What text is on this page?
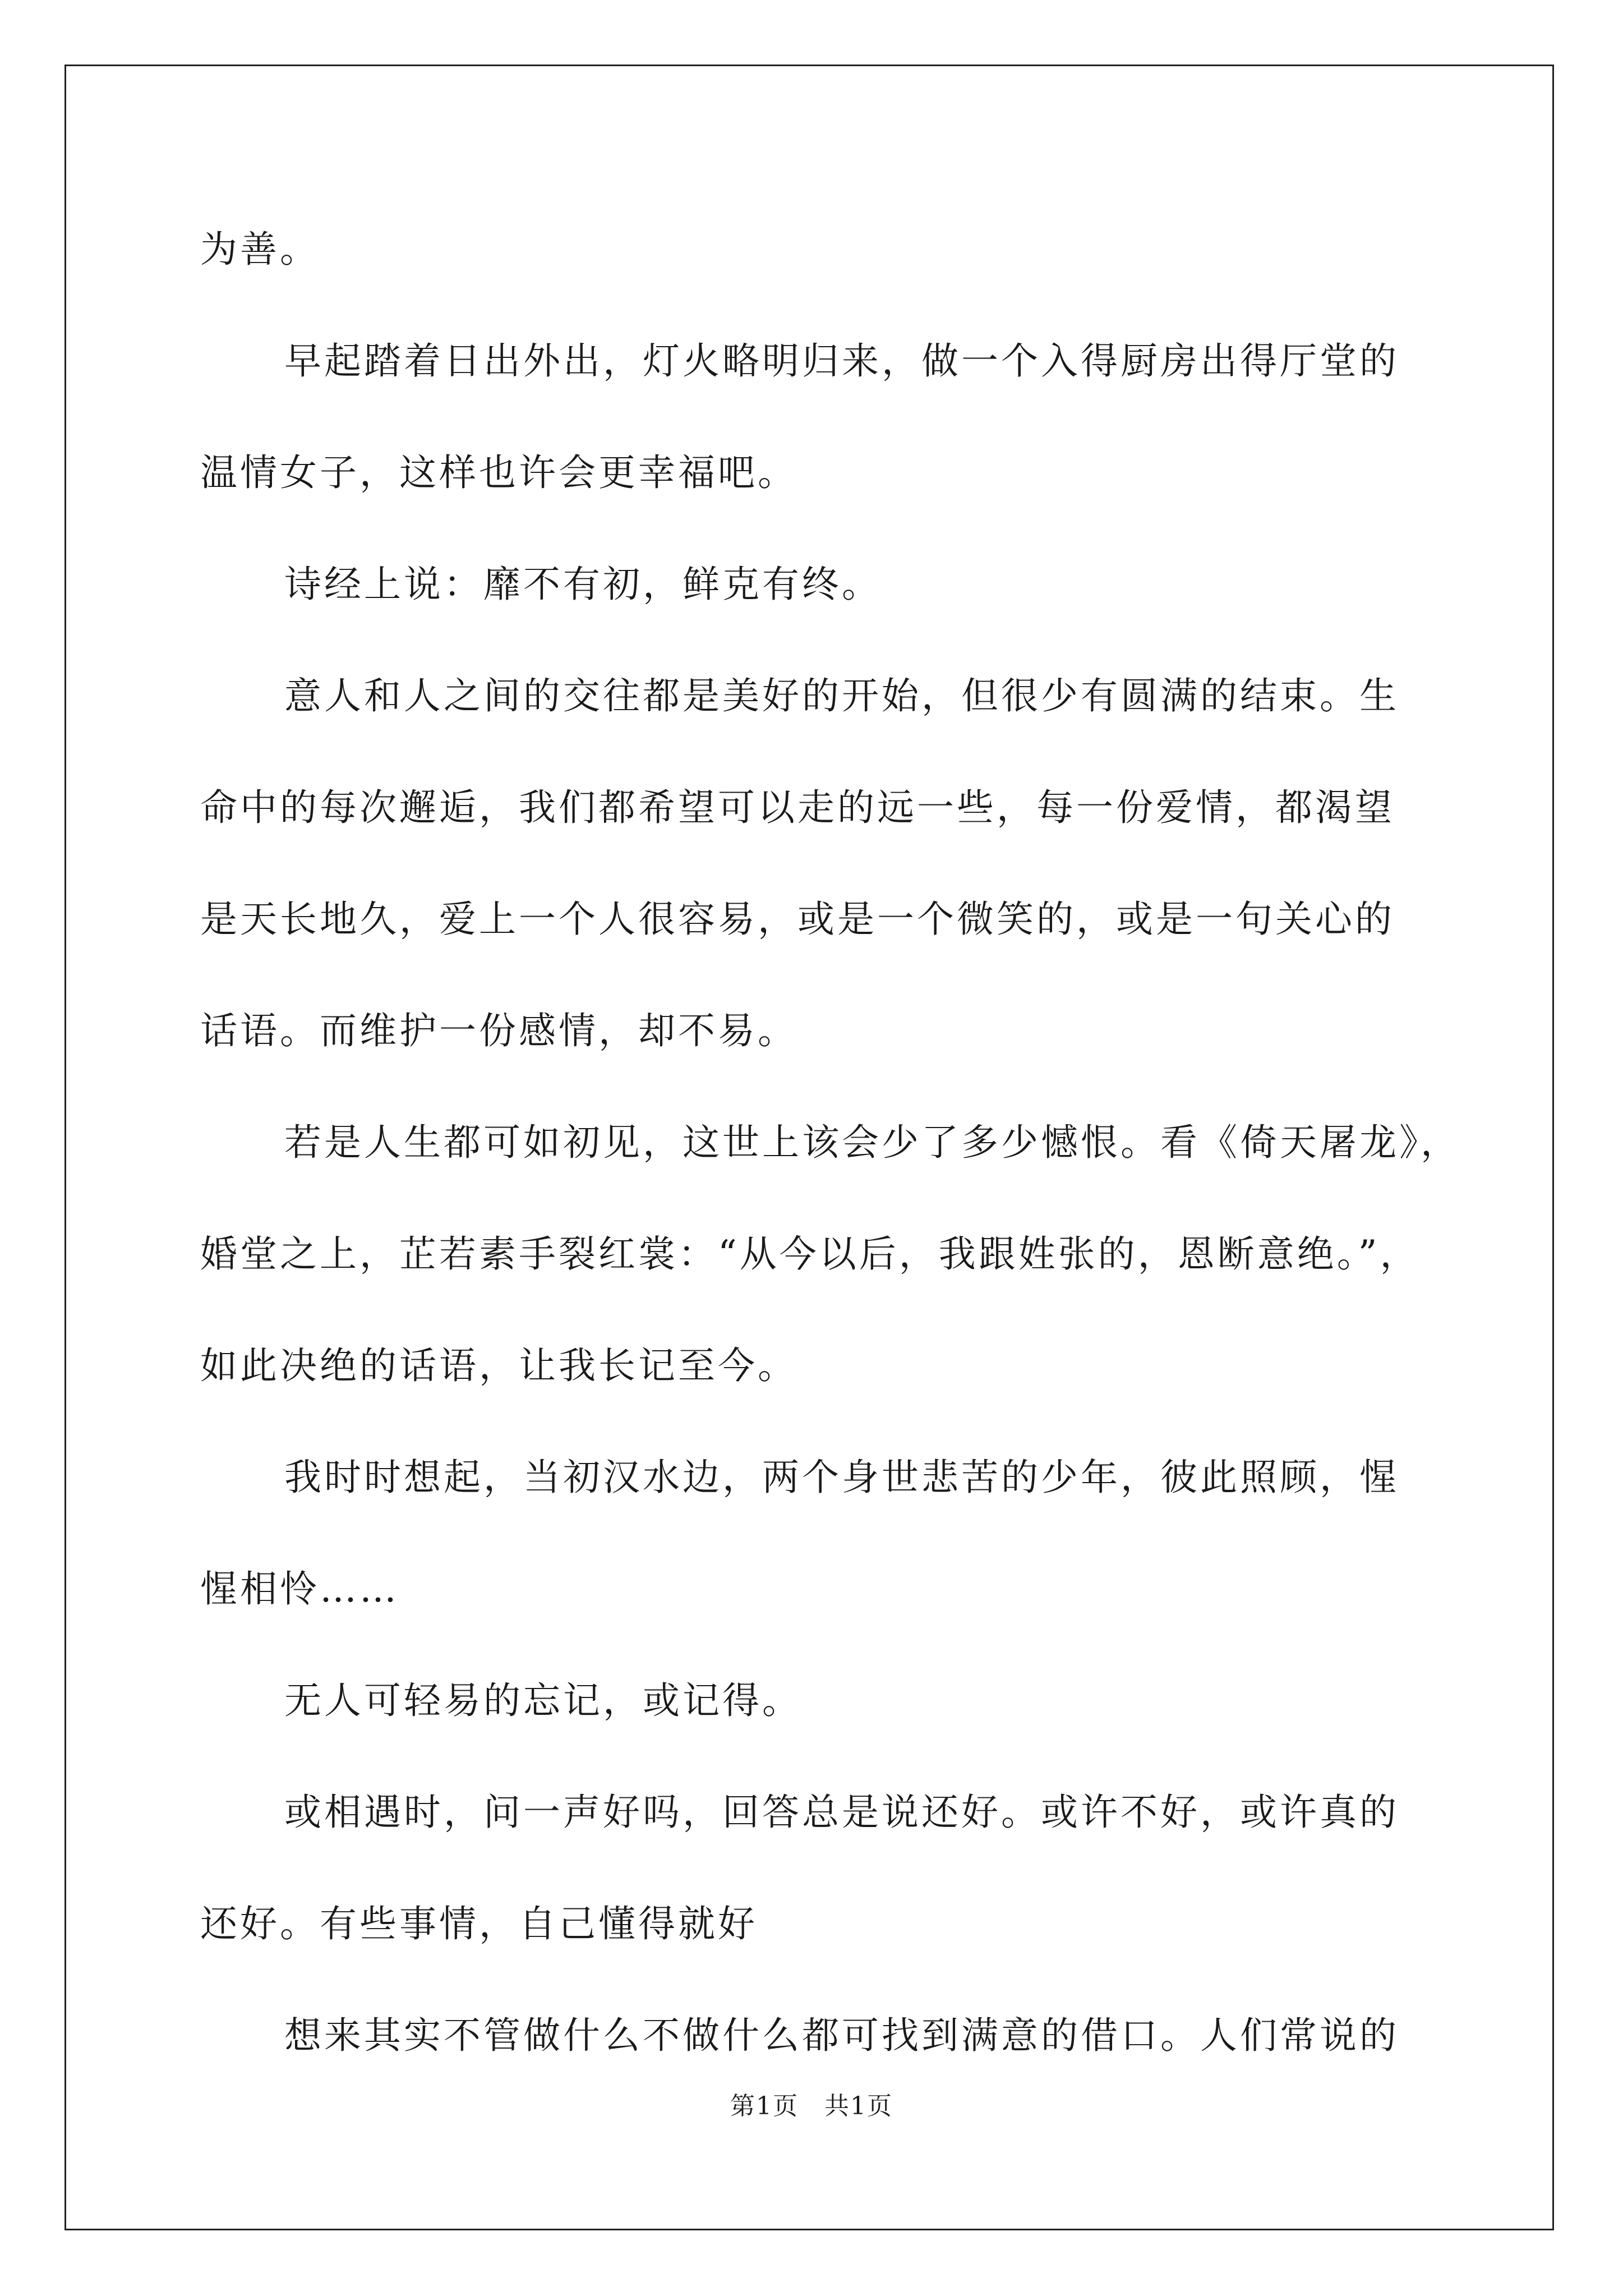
为善。
早起踏着日出外出，灯火略明归来，做一个入得厨房出得厅堂的
温情女子，这样也许会更幸福吧。
诗经上说：靡不有初，鲜克有终。
意人和人之间的交往都是美好的开始，但很少有圆满的结束。生
命中的每次邂逅，我们都希望可以走的远一些，每一份爱情，都渴望
是天长地久，爱上一个人很容易，或是一个微笑的，或是一句关心的
话语。而维护一份感情，却不易。
若是人生都可如初见，这世上该会少了多少憾恨。看《倚天屠龙》，
婚堂之上，芷若素手裂红裳：“从今以后，我跟姓张的，恩断意绝。”，
如此决绝的话语，让我长记至今。
我时时想起，当初汉水边，两个身世悲苦的少年，彼此照顾，惺
惺相怜……
无人可轻易的忘记，或记得。
或相遇时，问一声好吗，回答总是说还好。或许不好，或许真的
还好。有些事情，自己懂得就好
想来其实不管做什么不做什么都可找到满意的借口。人们常说的
第1页　共1页
